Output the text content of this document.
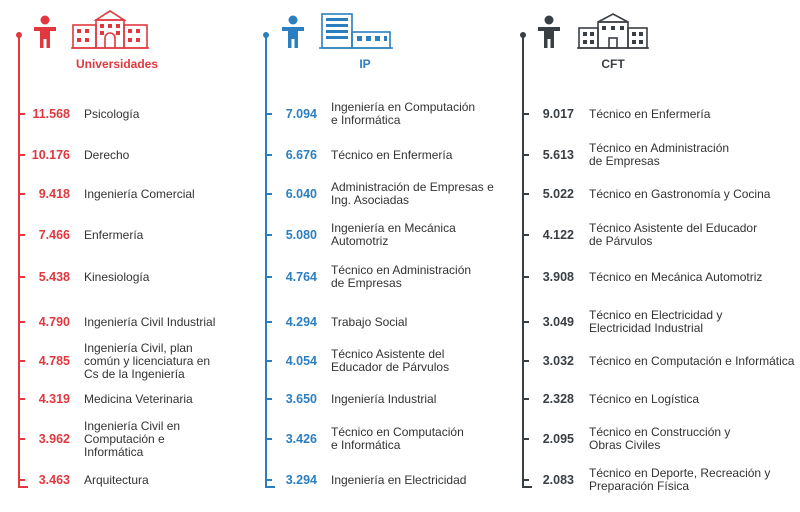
Universidades
11.568 Psicología
10.176 Derecho
9.418 Ingeniería Comercial
7.466 Enfermería
5.438 Kinesiología
4.790 Ingeniería Civil Industrial
4.785
Ingeniería Civil, plan
común y licenciatura en
Cs de la Ingeniería
4.319 Medicina Veterinaria
3.962
Ingeniería Civil en
Computación e
Informática
3.463 Arquitectura
IP
7.094 Ingeniería en Computación
e Informática
6.676 Técnico en Enfermería
6.040 Administración de Empresas e
Ing. Asociadas
5.080 Ingeniería en Mecánica
Automotriz
4.764 Técnico en Administración
de Empresas
4.294 Trabajo Social
4.054 Técnico Asistente del
Educador de Párvulos
3.650 Ingeniería Industrial
3.426 Técnico en Computación
e Informática
3.294 Ingeniería en Electricidad
CFT
9.017 Técnico en Enfermería
5.613 Técnico en Administración
de Empresas
5.022 Técnico en Gastronomía y Cocina
4.122 Técnico Asistente del Educador
de Párvulos
3.908 Técnico en Mecánica Automotriz
3.049 Técnico en Electricidad y
Electricidad Industrial
3.032 Técnico en Computación e Informática
2.328 Técnico en Logística
2.095 Técnico en Construcción y
Obras Civiles
2.083 Técnico en Deporte, Recreación y
Preparación Física
